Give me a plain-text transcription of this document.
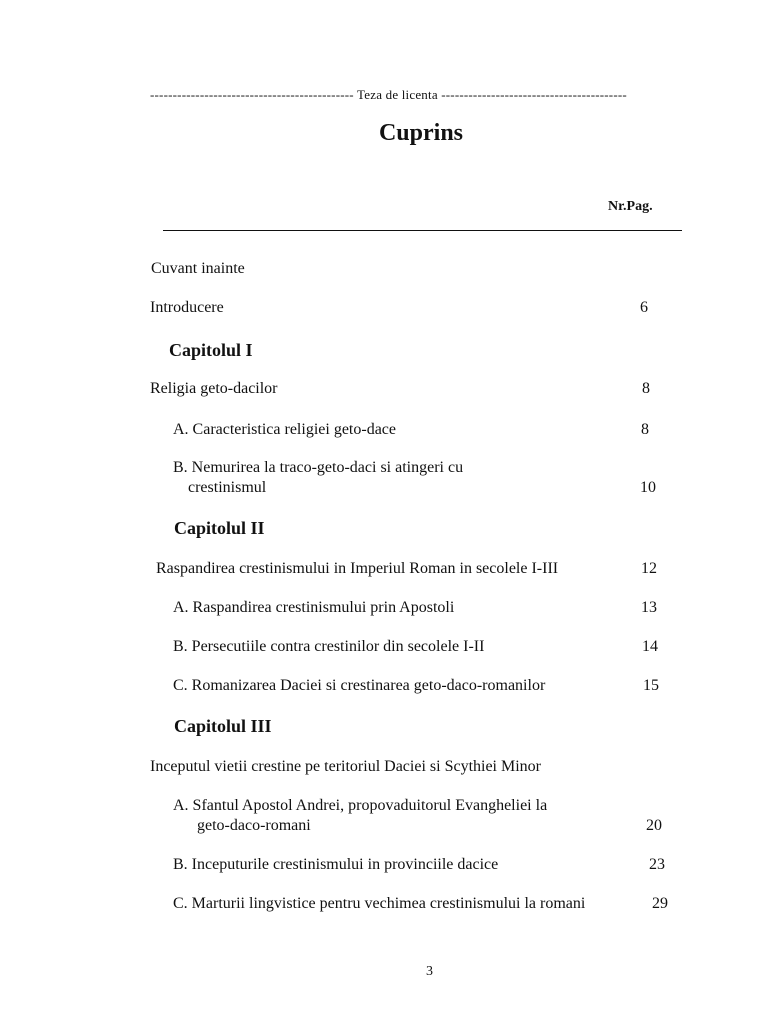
--------------------------------------------- Teza de licenta -----------------------------------------
Cuprins
Nr.Pag.
Cuvant inainte
Introducere	6
Capitolul I
Religia geto-dacilor	8
A. Caracteristica religiei geto-dace	8
B. Nemurirea la traco-geto-daci si atingeri cu
crestinismul	10
Capitolul II
Raspandirea crestinismului in Imperiul Roman in secolele I-III	12
A. Raspandirea crestinismului prin Apostoli	13
B. Persecutiile contra crestinilor din secolele I-II	14
C. Romanizarea Daciei si crestinarea geto-daco-romanilor	15
Capitolul III
Inceputul vietii crestine pe teritoriul Daciei si Scythiei Minor
A. Sfantul Apostol Andrei, propovaduitorul Evangheliei la
geto-daco-romani	20
B. Inceputurile crestinismului in provinciile dacice	23
C. Marturii lingvistice pentru vechimea crestinismului la romani	29
3
